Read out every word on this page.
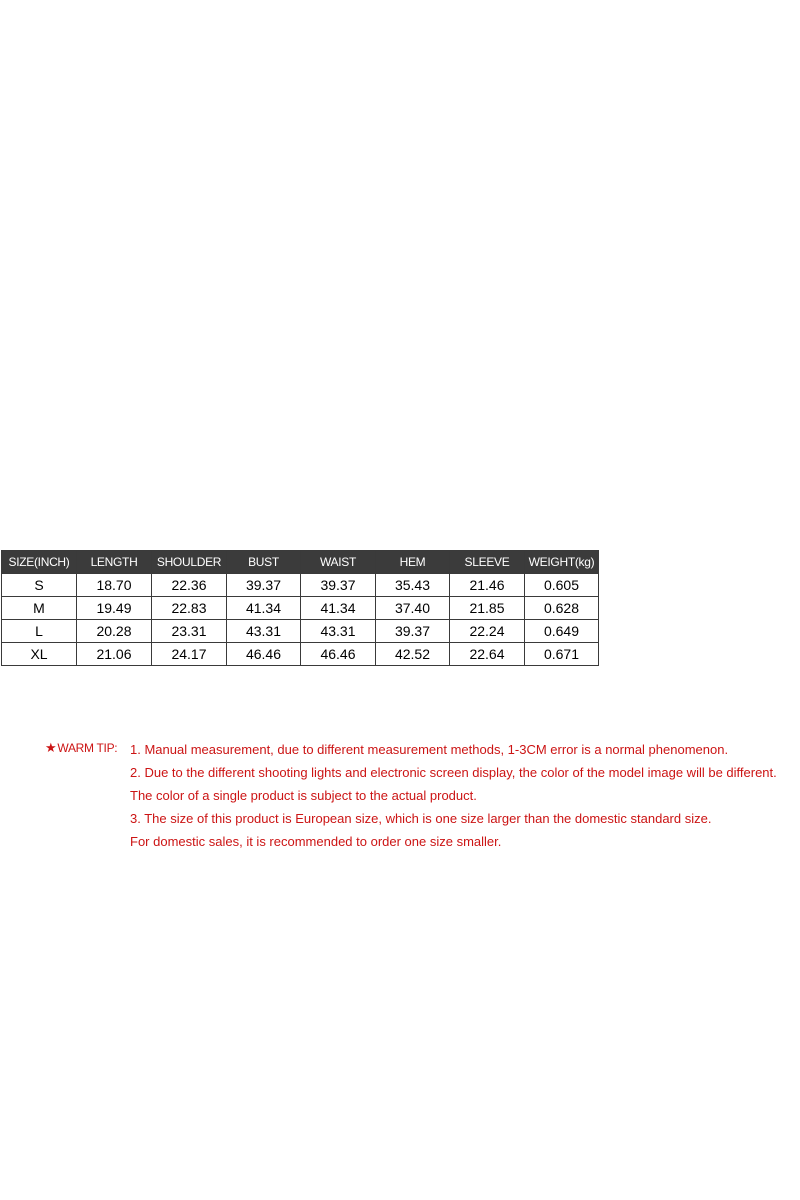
SIZE(INCH)	LENGTH	SHOULDER	BUST	WAIST	HEM	SLEEVE	WEIGHT(kg)
S	18.70	22.36	39.37	39.37	35.43	21.46	0.605
M	19.49	22.83	41.34	41.34	37.40	21.85	0.628
L	20.28	23.31	43.31	43.31	39.37	22.24	0.649
XL	21.06	24.17	46.46	46.46	42.52	22.64	0.671
★WARM TIP: 1. Manual measurement, due to different measurement methods, 1-3CM error is a normal phenomenon.
2. Due to the different shooting lights and electronic screen display, the color of the model image will be different.
The color of a single product is subject to the actual product.
3. The size of this product is European size, which is one size larger than the domestic standard size.
For domestic sales, it is recommended to order one size smaller.
